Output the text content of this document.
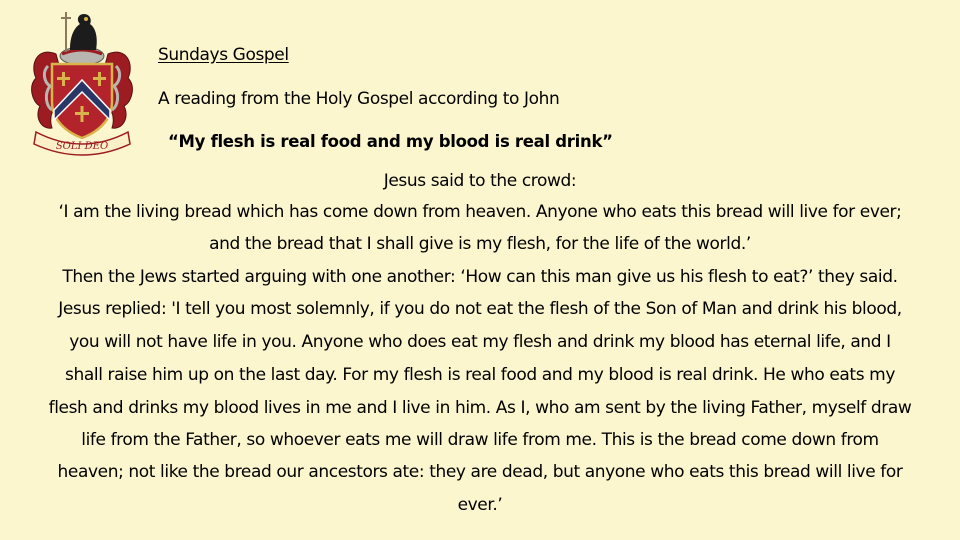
SOLI DEO
Sundays Gospel
A reading from the Holy Gospel according to John
“My flesh is real food and my blood is real drink”
Jesus said to the crowd:
‘I am the living bread which has come down from heaven. Anyone who eats this bread will live for ever;
and the bread that I shall give is my flesh, for the life of the world.’
Then the Jews started arguing with one another: ‘How can this man give us his flesh to eat?’ they said.
Jesus replied: 'I tell you most solemnly, if you do not eat the flesh of the Son of Man and drink his blood,
you will not have life in you. Anyone who does eat my flesh and drink my blood has eternal life, and I
shall raise him up on the last day. For my flesh is real food and my blood is real drink. He who eats my
flesh and drinks my blood lives in me and I live in him. As I, who am sent by the living Father, myself draw
life from the Father, so whoever eats me will draw life from me. This is the bread come down from
heaven; not like the bread our ancestors ate: they are dead, but anyone who eats this bread will live for
ever.’
